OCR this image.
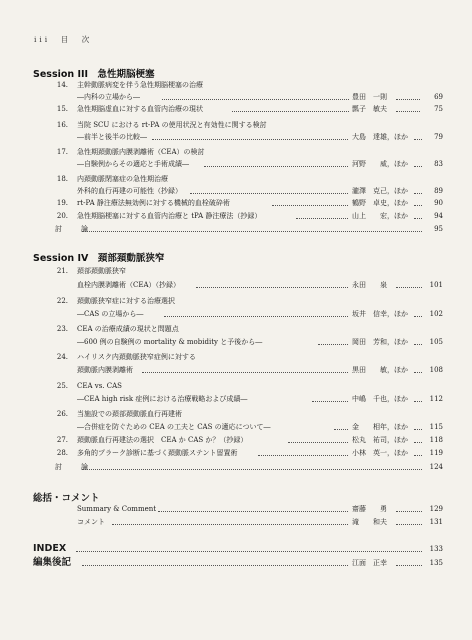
iii　目　次
Session III　急性期脳梗塞
14. 主幹動脈病変を伴う急性期脳梗塞の治療
―内科の立場から―	豊田　一則	69
15. 急性期脳虚血に対する血管内治療の現状	瓢子　敏夫	75
16. 当院 SCU における rt-PA の使用状況と有効性に関する検討
―前半と後半の比較―	大島　達雄，ほか	79
17. 急性期頚動脈内膜剥離術（CEA）の検討
―自験例からその適応と手術成績―	河野　　威，ほか	83
18. 内頚動脈閉塞症の急性期治療
外科的血行再建の可能性（抄録）	瀧澤　克己，ほか	89
19. rt-PA 静注療法無効例に対する機械的血栓破砕術	鶴野　卓史，ほか	90
20. 急性期脳梗塞に対する血管内治療と tPA 静注療法（抄録）	山上　　宏，ほか	94
討　論	95
Session IV　頚部頚動脈狭窄
21. 頚部頚動脈狭窄
血栓内膜剥離術（CEA）（抄録）	永田　　泉	101
22. 頚動脈狭窄症に対する治療選択
―CAS の立場から―	坂井　信幸，ほか	102
23. CEA の治療成績の現状と問題点
―600 例の自験例の mortality & mobidity と予後から―	岡田　芳和，ほか	105
24. ハイリスク内頚動脈狭窄症例に対する
頚動脈内膜剥離術	黒田　　敏，ほか	108
25. CEA vs. CAS
―CEA high risk 症例における治療戦略および成績―	中嶋　千也，ほか	112
26. 当施設での頚部頚動脈血行再建術
―合併症を防ぐための CEA の工夫と CAS の適応について―	金　　相年，ほか	115
27. 頚動脈血行再建法の選択　CEA か CAS か？（抄録）	松丸　祐司，ほか	118
28. 多角的プラーク診断に基づく頚動脈ステント留置術	小林　英一，ほか	119
討　論	124
総括・コメント
Summary & Comment	齋藤　　勇	129
コメント	滝　　和夫	131
INDEX	133
編集後記	江面　正幸	135
